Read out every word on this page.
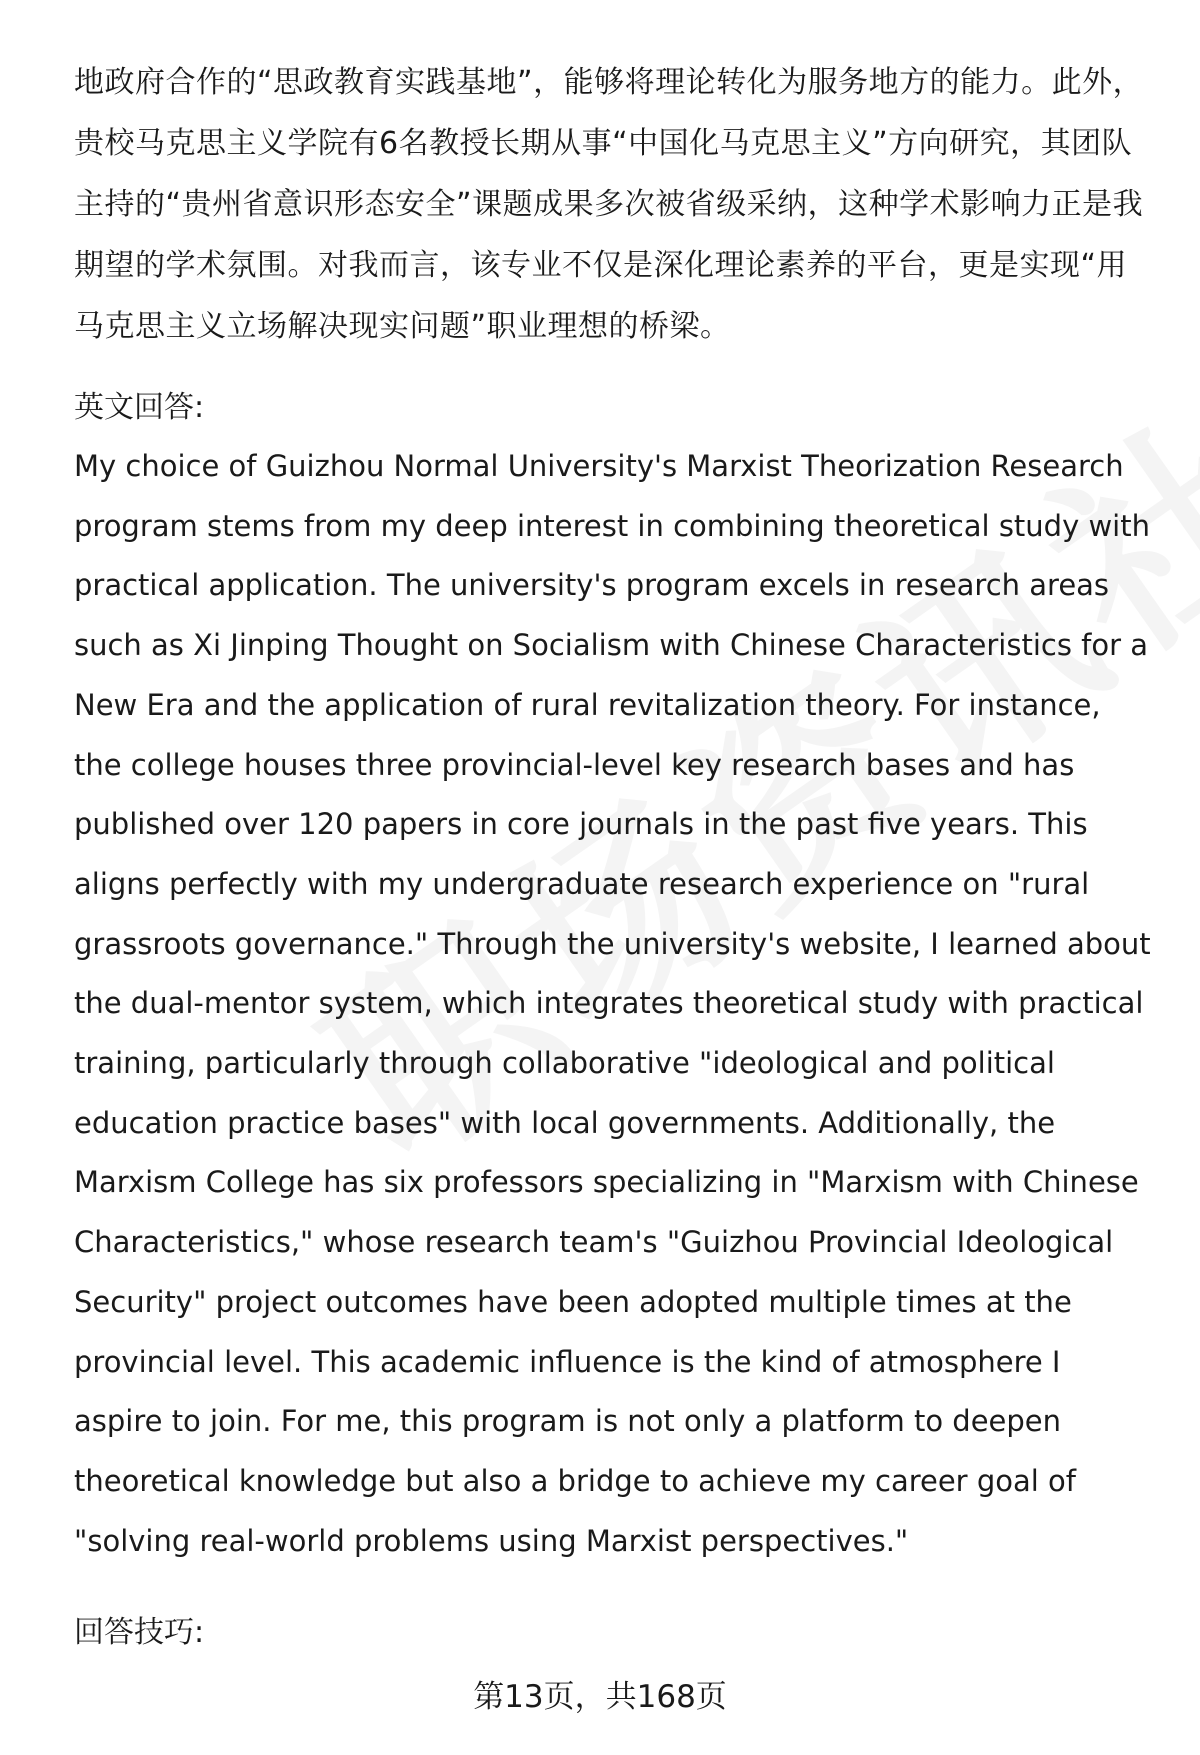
地政府合作的“思政教育实践基地”，能够将理论转化为服务地方的能力。此外，贵校马克思主义学院有6名教授长期从事“中国化马克思主义”方向研究，其团队主持的“贵州省意识形态安全”课题成果多次被省级采纳，这种学术影响力正是我期望的学术氛围。对我而言，该专业不仅是深化理论素养的平台，更是实现“用马克思主义立场解决现实问题”职业理想的桥梁。

英文回答:

My choice of Guizhou Normal University's Marxist Theorization Research program stems from my deep interest in combining theoretical study with practical application. The university's program excels in research areas such as Xi Jinping Thought on Socialism with Chinese Characteristics for a New Era and the application of rural revitalization theory. For instance, the college houses three provincial-level key research bases and has published over 120 papers in core journals in the past five years. This aligns perfectly with my undergraduate research experience on "rural grassroots governance." Through the university's website, I learned about the dual-mentor system, which integrates theoretical study with practical training, particularly through collaborative "ideological and political education practice bases" with local governments. Additionally, the Marxism College has six professors specializing in "Marxism with Chinese Characteristics," whose research team's "Guizhou Provincial Ideological Security" project outcomes have been adopted multiple times at the provincial level. This academic influence is the kind of atmosphere I aspire to join. For me, this program is not only a platform to deepen theoretical knowledge but also a bridge to achieve my career goal of "solving real-world problems using Marxist perspectives."

回答技巧:

第13页，共168页
